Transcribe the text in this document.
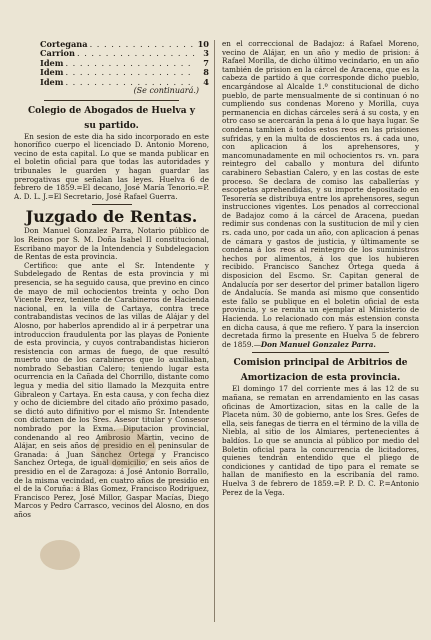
Cortegana . . .	10
Carrion . . .	3
Idem . . .	7
Idem . . .	8
Idem . . .	4
(Se continuará.)
Colegio de Abogados de Huelva y
su partido.

En sesion de este dia ha sido incorporado en este honorífico cuerpo el licenciado D. Antonio Moreno, vecino de esta capital. Lo que se manda publicar en el boletin oficial para que todas las autoridades y tribunales le guarden y hagan guardar las prerogativas que señalan las leyes. Huelva 6 de febrero de 1859.=El decano, José María Tenorio.=P. A. D. L. J.=El Secretario, José Rafael Guerra.

Juzgado de Rentas.

Don Manuel Gonzalez Parra, Notario público de los Reinos por S. M. Doña Isabel II constitucional, Escribano mayor de la Intendencia y Subdelegacion de Rentas de esta provincia.

Certifico: que ante el Sr. Intendente y Subdelegado de Rentas de esta provincia y mi presencia, se ha seguido causa, que previno en cinco de mayo de mil ochocientos treinta y ocho Don Vicente Perez, teniente de Carabineros de Hacienda nacional, en la villa de Cartaya, contra trece contrabandistas vecinos de las villas de Alájar y del Alosno, por haberlos aprendido al ir á perpetrar una introduccion fraudulenta por las playas de Poniente de esta provincia, y cuyos contrabandistas hicieron resistencia con armas de fuego, de que resultó muerto uno de los carabineros que lo auxiliaban, nombrado Sebastian Calero; teniendo lugar esta ocurrencia en la Cañada del Chorrillo, distante como legua y media del sitio llamado la Mezquita entre Gibraleon y Cartaya. En esta causa, y con fecha diez y ocho de diciembre del citado año próximo pasado, se dictó auto difinitivo por el mismo Sr. Intendente con dictamen de los Sres. Asesor titular y Consesor nombrado por la Exma. Diputacion provincial, condenando al reo Ambrosio Martin, vecino de Alájar, en seis años de presidio en el peninsular de Granada: á Juan Sanchez Ortega y Francisco Sanchez Ortega, de igual domicilio, en seis años de presidio en el de Zaragoza: á José Antonio Borrallo, de la misma vecindad, en cuatro años de presidio en el de la Coruña: á Blas Gomez, Francisco Rodriguez, Francisco Perez, José Millor, Gaspar Macías, Diego Marcos y Pedro Carrasco, vecinos del Alosno, en dos años

en el correccional de Badajoz: á Rafael Moreno, vecino de Alájar, en un año y medio de prision: á Rafael Morilla, de dicho último vecindario, en un año también de prision en la cárcel de Aracena, que es la cabeza de partido á que corresponde dicho pueblo, encargándose al Alcalde 1.º constitucional de dicho pueblo, de parte mensualmente de si continuan ó no cumpliendo sus condenas Moreno y Morilla, cuya permanencia en dichas cárceles será á su costa, y en otro caso se acercarán la pena á lo que haya lugar. Se condena tambien á todos estos reos en las prisiones sufridas, y en la multa de doscientos rs. á cada uno, con aplicacion á los aprehensores, y mancomunadamente en mil ochocientos rs. vn. para reintegro del caballo y montura del difunto carabinero Sebastian Calero, y en las costas de este proceso. Se declara de comiso las caballerías y escopetas aprehendidas, y su importe depositado en Tesorería se distribuya entre los aprehensores, segun instrucciones vigentes. Los penados al correccional de Badajoz como á la cárcel de Aracena, puedan redimir sus condenas con la sustitucion de mil y cien rs. cada uno, por cada un año, con aplicacion á penas de cámara y gastos de justicia, y últimamente se condena á los reos al reintegro de los suministros hechos por alimentos, á los que los hubieren recibido. Francisco Sanchez Ortega queda á disposicion del Escmo. Sr. Capitan general de Andalucía por ser desertor del primer batallon ligero de Andalucía. Se manda así mismo que consentido este fallo se publique en el boletin oficial de esta provincia, y se remita un ejemplar al Ministerio de Hacienda. Lo relacionado con más estension consta en dicha causa, á que me refiero. Y para la insercion decretada firmo la presente en Huelva 5 de febrero de 1859.—Don Manuel Gonzalez Parra.

Comision principal de Arbitrios de
Amortizacion de esta provincia.

El domingo 17 del corriente mes á las 12 de su mañana, se rematan en arrendamiento en las casas oficinas de Amortizacion, sitas en la calle de la Placeta núm. 30 de gobierno, ante los Sres. Gefes de ella, seis fanegas de tierra en el término de la villa de Niebla, al sitio de los Almiares, pertenecientes á baldíos. Lo que se anuncia al público por medio del Boletin oficial para la concurrencia de licitadores, quienes tendrán entendido que el pliego de condiciones y cantidad de tipo para el remate se hallan de manifiesto en la escribanía del ramo. Huelva 3 de febrero de 1859.=P. P. D. C. P.=Antonio Perez de la Vega.
